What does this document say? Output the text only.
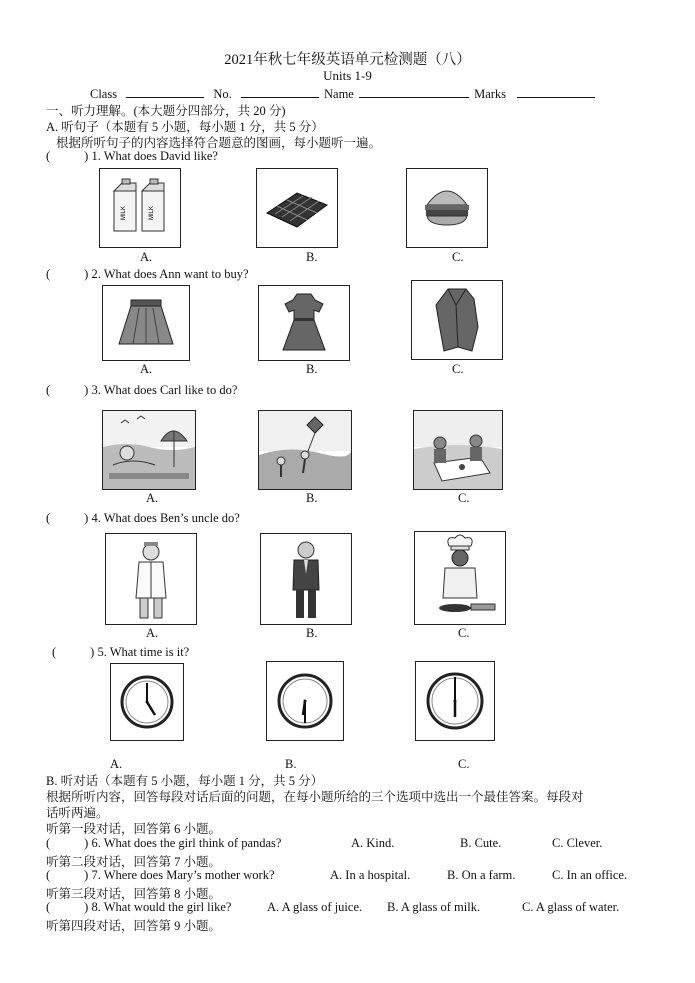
2021年秋七年级英语单元检测题（八）
Units 1-9
Class	No.	Name	Marks
一、听力理解。(本大题分四部分，共 20 分)
A. 听句子（本题有 5 小题，每小题 1 分，共 5 分）
根据所听句子的内容选择符合题意的图画，每小题听一遍。
(	) 1. What does David like?
MILK	MILK
A.	B.	C.
(	) 2. What does Ann want to buy?
A.	B.	C.
(	) 3. What does Carl like to do?
A.	B.	C.
(	) 4. What does Ben’s uncle do?
A.	B.	C.
(	) 5. What time is it?
A.	B.	C.
B. 听对话（本题有 5 小题，每小题 1 分，共 5 分）
根据所听内容，回答每段对话后面的问题，在每小题所给的三个选项中选出一个最佳答案。每段对
话听两遍。
听第一段对话，回答第 6 小题。
(	) 6. What does the girl think of pandas?	A. Kind.	B. Cute.	C. Clever.
听第二段对话，回答第 7 小题。
(	) 7. Where does Mary’s mother work?	A. In a hospital.	B. On a farm.	C. In an office.
听第三段对话，回答第 8 小题。
(	) 8. What would the girl like?	A. A glass of juice. B. A glass of milk.	C. A glass of water.
听第四段对话，回答第 9 小题。
